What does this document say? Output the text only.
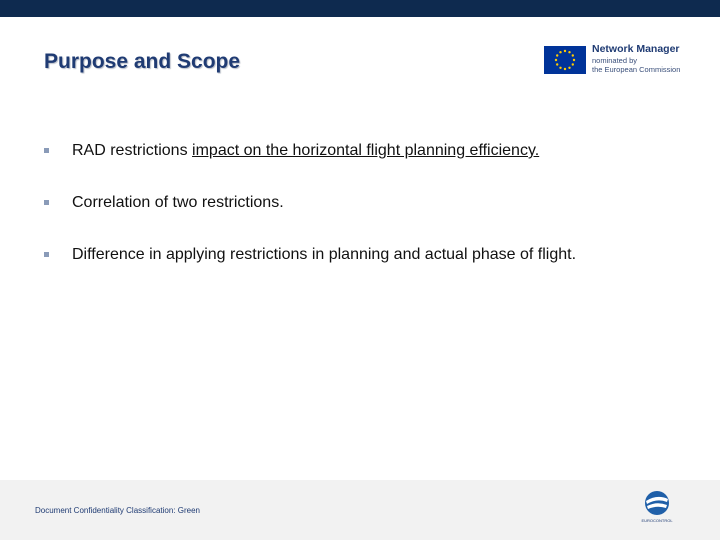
Purpose and Scope
Network Manager
nominated by
the European Commission
RAD restrictions impact on the horizontal flight planning efficiency.
Correlation of two restrictions.
Difference in applying restrictions in planning and actual phase of flight.
Document Confidentiality Classification: Green
EUROCONTROL
